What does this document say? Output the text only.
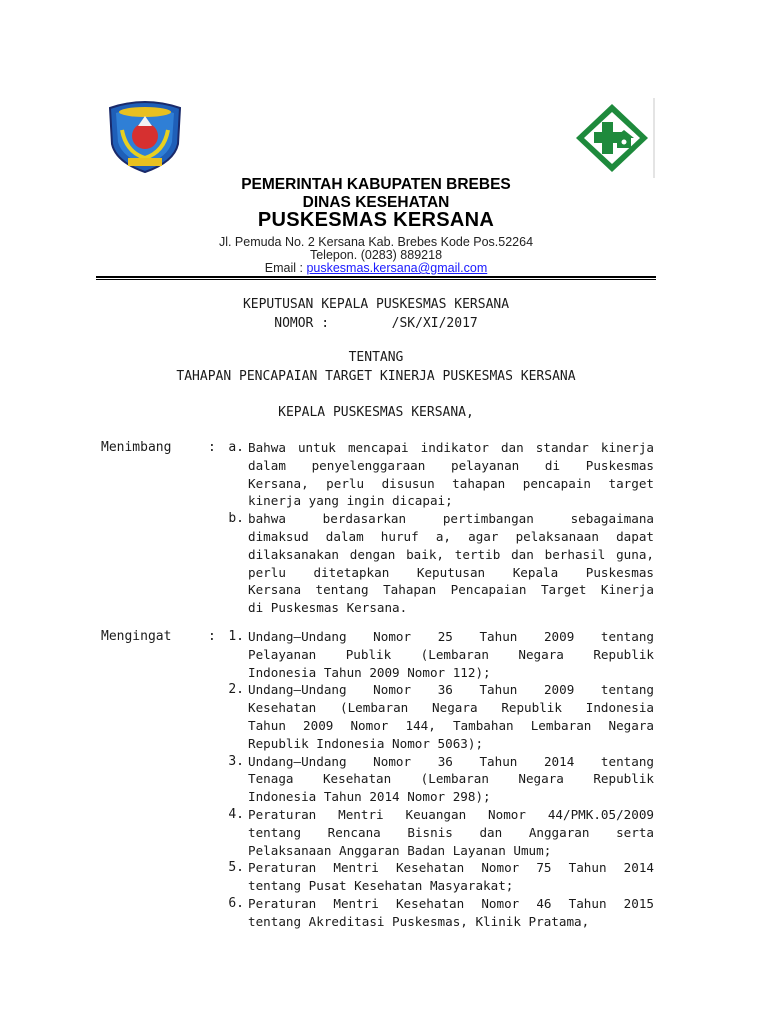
PEMERINTAH KABUPATEN BREBES
DINAS KESEHATAN
PUSKESMAS KERSANA
Jl. Pemuda No. 2 Kersana Kab. Brebes Kode Pos.52264
Telepon. (0283) 889218
Email : puskesmas.kersana@gmail.com
KEPUTUSAN KEPALA PUSKESMAS KERSANA
NOMOR :        /SK/XI/2017
TENTANG
TAHAPAN PENCAPAIAN TARGET KINERJA PUSKESMAS KERSANA
KEPALA PUSKESMAS KERSANA,
Menimbang	: a. Bahwa untuk mencapai indikator dan standar kinerja
dalam penyelenggaraan pelayanan di Puskesmas
Kersana, perlu disusun tahapan pencapain target
kinerja yang ingin dicapai;
b. bahwa berdasarkan pertimbangan sebagaimana
dimaksud dalam huruf a, agar pelaksanaan dapat
dilaksanakan dengan baik, tertib dan berhasil guna,
perlu ditetapkan Keputusan Kepala Puskesmas
Kersana tentang Tahapan Pencapaian Target Kinerja
di Puskesmas Kersana.
Mengingat	: 1. Undang–Undang Nomor 25 Tahun 2009 tentang
Pelayanan Publik (Lembaran Negara Republik
Indonesia Tahun 2009 Nomor 112);
2. Undang–Undang Nomor 36 Tahun 2009 tentang
Kesehatan (Lembaran Negara Republik Indonesia
Tahun 2009 Nomor 144, Tambahan Lembaran Negara
Republik Indonesia Nomor 5063);
3. Undang–Undang Nomor 36 Tahun 2014 tentang
Tenaga Kesehatan (Lembaran Negara Republik
Indonesia Tahun 2014 Nomor 298);
4. Peraturan Mentri Keuangan Nomor 44/PMK.05/2009
tentang Rencana Bisnis dan Anggaran serta
Pelaksanaan Anggaran Badan Layanan Umum;
5. Peraturan Mentri Kesehatan Nomor 75 Tahun 2014
tentang Pusat Kesehatan Masyarakat;
6. Peraturan Mentri Kesehatan Nomor 46 Tahun 2015
tentang Akreditasi Puskesmas, Klinik Pratama,
